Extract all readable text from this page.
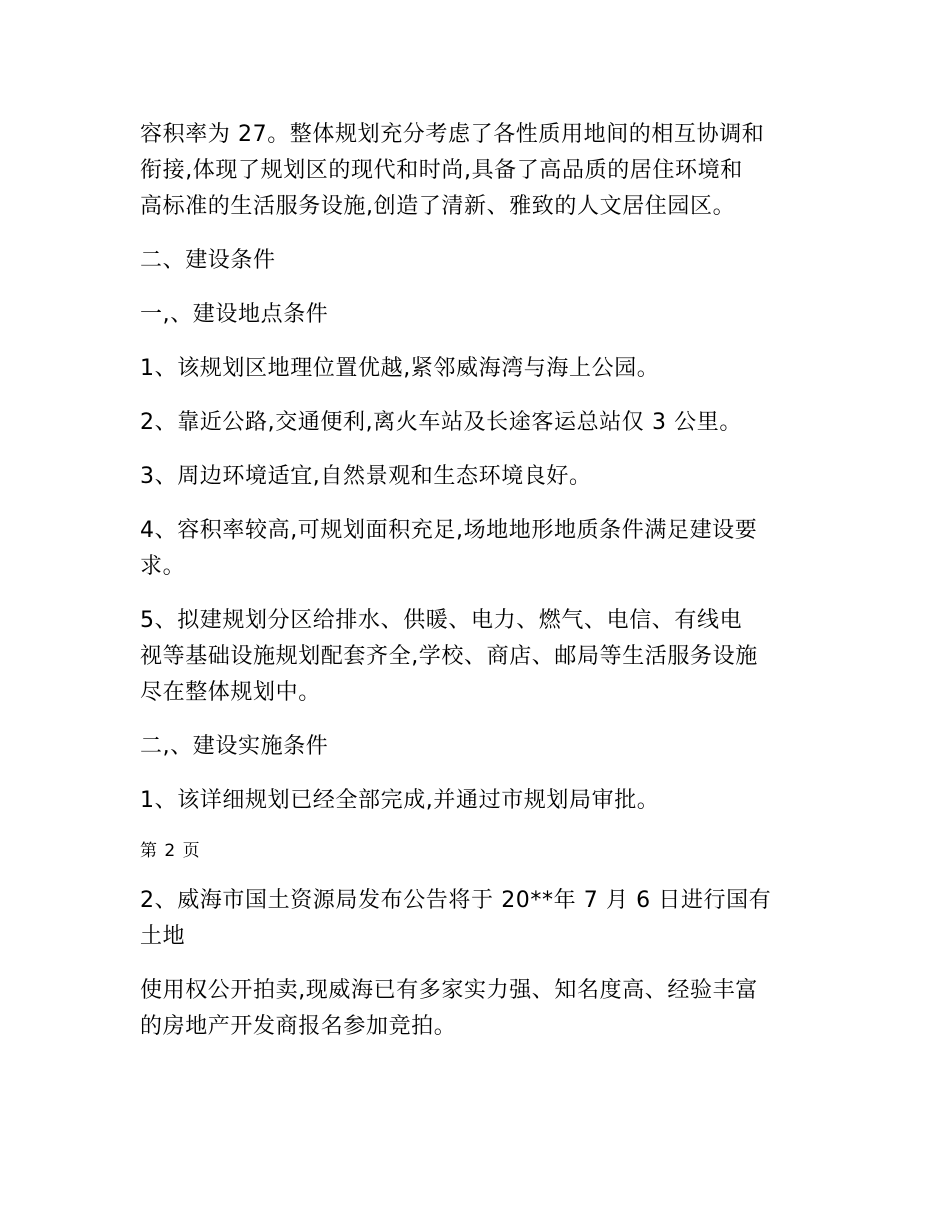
容积率为 27。整体规划充分考虑了各性质用地间的相互协调和
衔接,体现了规划区的现代和时尚,具备了高品质的居住环境和
高标准的生活服务设施,创造了清新、雅致的人文居住园区。

二、建设条件

一,、建设地点条件

1、该规划区地理位置优越,紧邻威海湾与海上公园。

2、靠近公路,交通便利,离火车站及长途客运总站仅 3 公里。

3、周边环境适宜,自然景观和生态环境良好。

4、容积率较高,可规划面积充足,场地地形地质条件满足建设要
求。

5、拟建规划分区给排水、供暖、电力、燃气、电信、有线电
视等基础设施规划配套齐全,学校、商店、邮局等生活服务设施
尽在整体规划中。

二,、建设实施条件

1、该详细规划已经全部完成,并通过市规划局审批。

第 2 页

2、威海市国土资源局发布公告将于 20**年 7 月 6 日进行国有
土地

使用权公开拍卖,现威海已有多家实力强、知名度高、经验丰富
的房地产开发商报名参加竞拍。
